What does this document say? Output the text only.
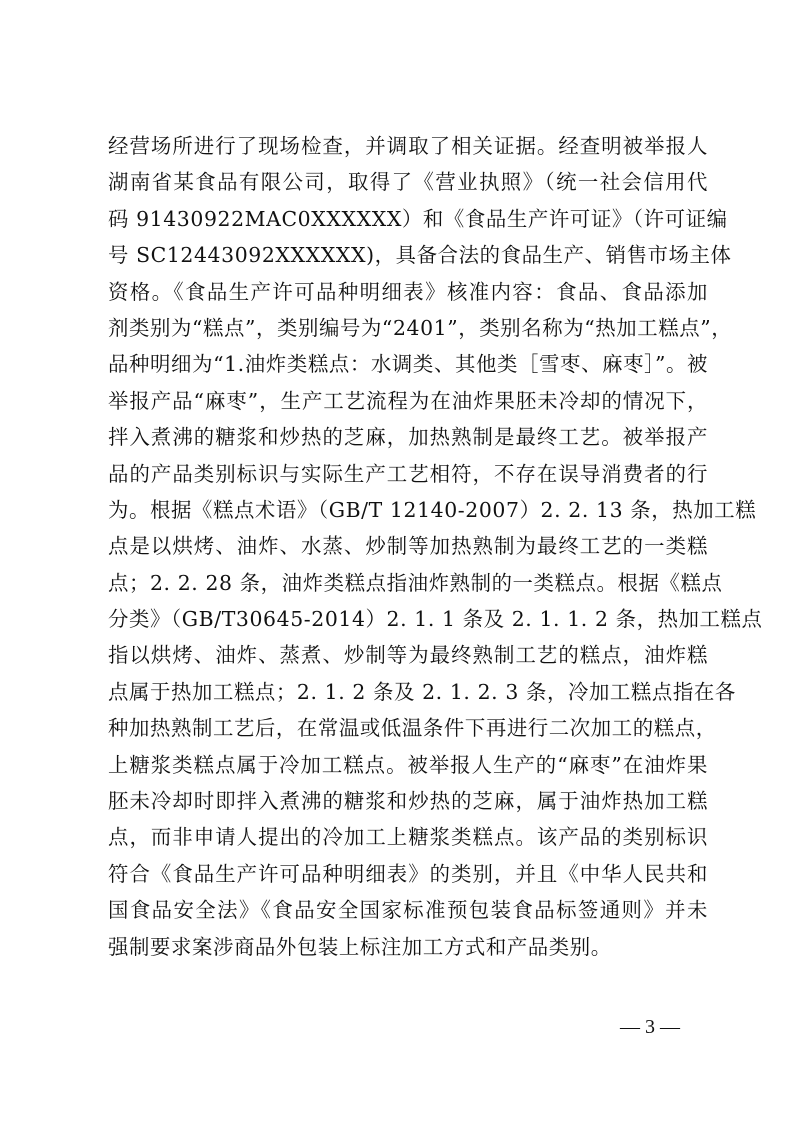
经营场所进行了现场检查，并调取了相关证据。经查明被举报人
湖南省某食品有限公司，取得了《营业执照》（统一社会信用代
码 91430922MAC0XXXXXX）和《食品生产许可证》（许可证编
号 SC12443092XXXXXX)，具备合法的食品生产、销售市场主体
资格。《食品生产许可品种明细表》核准内容：食品、食品添加
剂类别为“糕点”，类别编号为“2401”，类别名称为“热加工糕点”，
品种明细为“1.油炸类糕点：水调类、其他类［雪枣、麻枣］”。被
举报产品“麻枣”，生产工艺流程为在油炸果胚未冷却的情况下，
拌入煮沸的糖浆和炒热的芝麻，加热熟制是最终工艺。被举报产
品的产品类别标识与实际生产工艺相符，不存在误导消费者的行
为。根据《糕点术语》（GB/T 12140-2007）2. 2. 13 条，热加工糕
点是以烘烤、油炸、水蒸、炒制等加热熟制为最终工艺的一类糕
点；2. 2. 28 条，油炸类糕点指油炸熟制的一类糕点。根据《糕点
分类》（GB/T30645-2014）2. 1. 1 条及 2. 1. 1. 2 条，热加工糕点
指以烘烤、油炸、蒸煮、炒制等为最终熟制工艺的糕点，油炸糕
点属于热加工糕点；2. 1. 2 条及 2. 1. 2. 3 条，冷加工糕点指在各
种加热熟制工艺后，在常温或低温条件下再进行二次加工的糕点，
上糖浆类糕点属于冷加工糕点。被举报人生产的“麻枣”在油炸果
胚未冷却时即拌入煮沸的糖浆和炒热的芝麻，属于油炸热加工糕
点，而非申请人提出的冷加工上糖浆类糕点。该产品的类别标识
符合《食品生产许可品种明细表》的类别，并且《中华人民共和
国食品安全法》《食品安全国家标准预包装食品标签通则》并未
强制要求案涉商品外包装上标注加工方式和产品类别。
— 3 —
